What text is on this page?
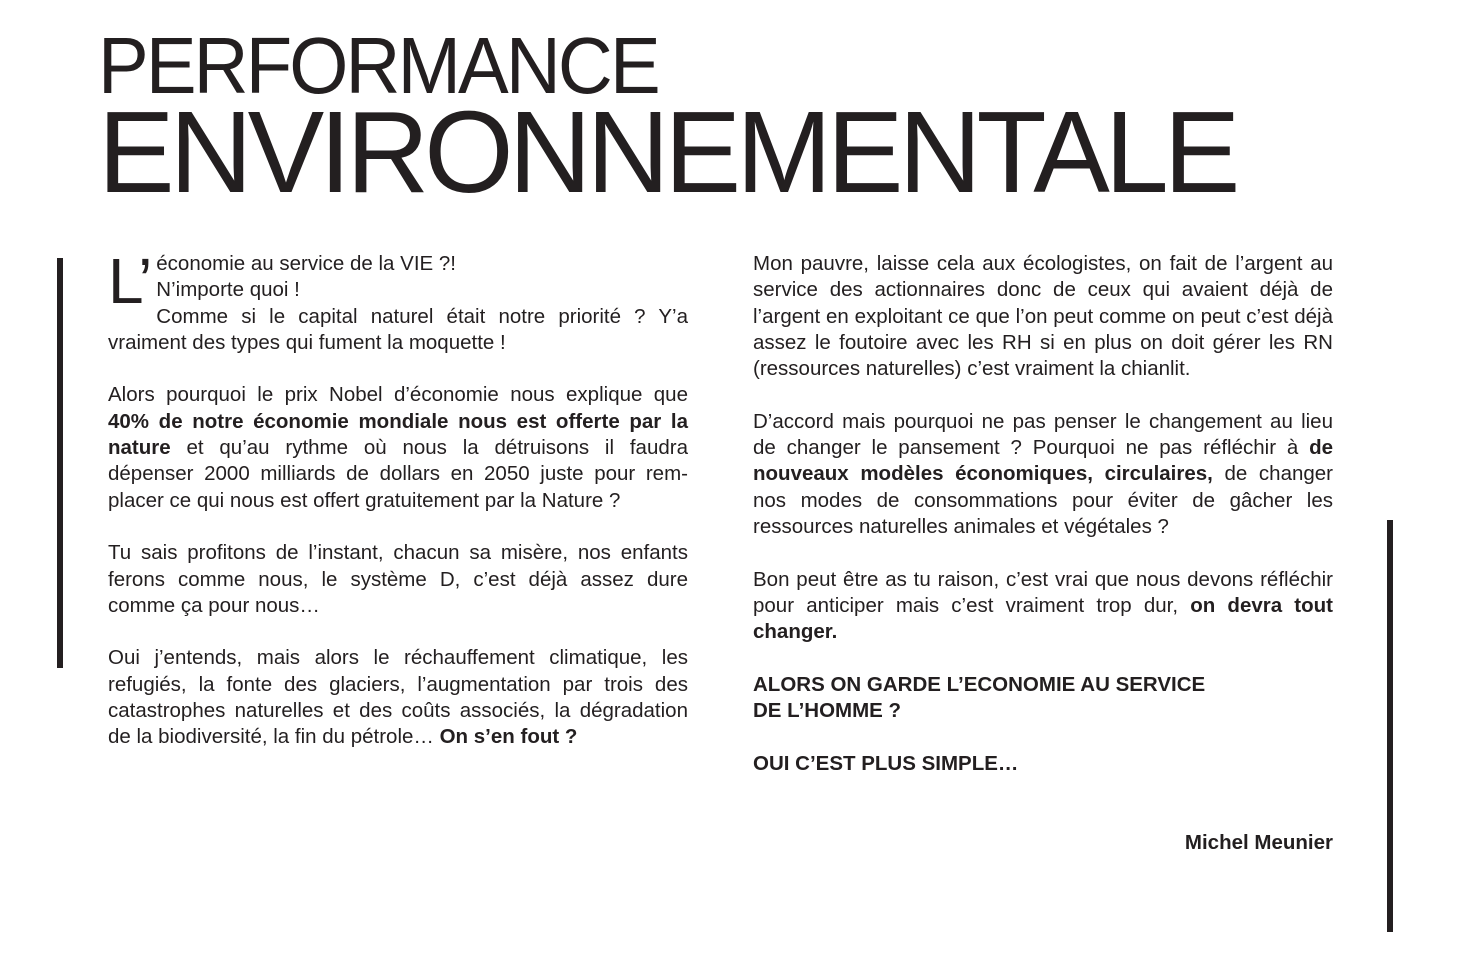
PERFORMANCE
ENVIRONNEMENTALE

L’ économie au service de la VIE ?!
N’importe quoi !
Comme si le capital naturel était notre priorité ? Y’a vraiment des types qui fument la moquette !

Alors pourquoi le prix Nobel d’économie nous explique que 40% de notre économie mondiale nous est offerte par la nature et qu’au rythme où nous la détruisons il faudra dépenser 2000 milliards de dollars en 2050 juste pour rem-placer ce qui nous est offert gratuitement par la Nature ?

Tu sais profitons de l’instant, chacun sa misère, nos enfants ferons comme nous, le système D, c’est déjà assez dure comme ça pour nous…

Oui j’entends, mais alors le réchauffement climatique, les refugiés, la fonte des glaciers, l’augmentation par trois des catastrophes naturelles et des coûts associés, la dégradation de la biodiversité, la fin du pétrole… On s’en fout ?

Mon pauvre, laisse cela aux écologistes, on fait de l’argent au service des actionnaires donc de ceux qui avaient déjà de l’argent en exploitant ce que l’on peut comme on peut c’est déjà assez le foutoire avec les RH si en plus on doit gérer les RN (ressources naturelles) c’est vraiment la chianlit.

D’accord mais pourquoi ne pas penser le changement au lieu de changer le pansement ? Pourquoi ne pas réfléchir à de nouveaux modèles économiques, circulaires, de changer nos modes de consommations pour éviter de gâcher les ressources naturelles animales et végétales ?

Bon peut être as tu raison, c’est vrai que nous devons réfléchir pour anticiper mais c’est vraiment trop dur, on devra tout changer.

ALORS ON GARDE L’ECONOMIE AU SERVICE
DE L’HOMME ?

OUI C’EST PLUS SIMPLE…

Michel Meunier
